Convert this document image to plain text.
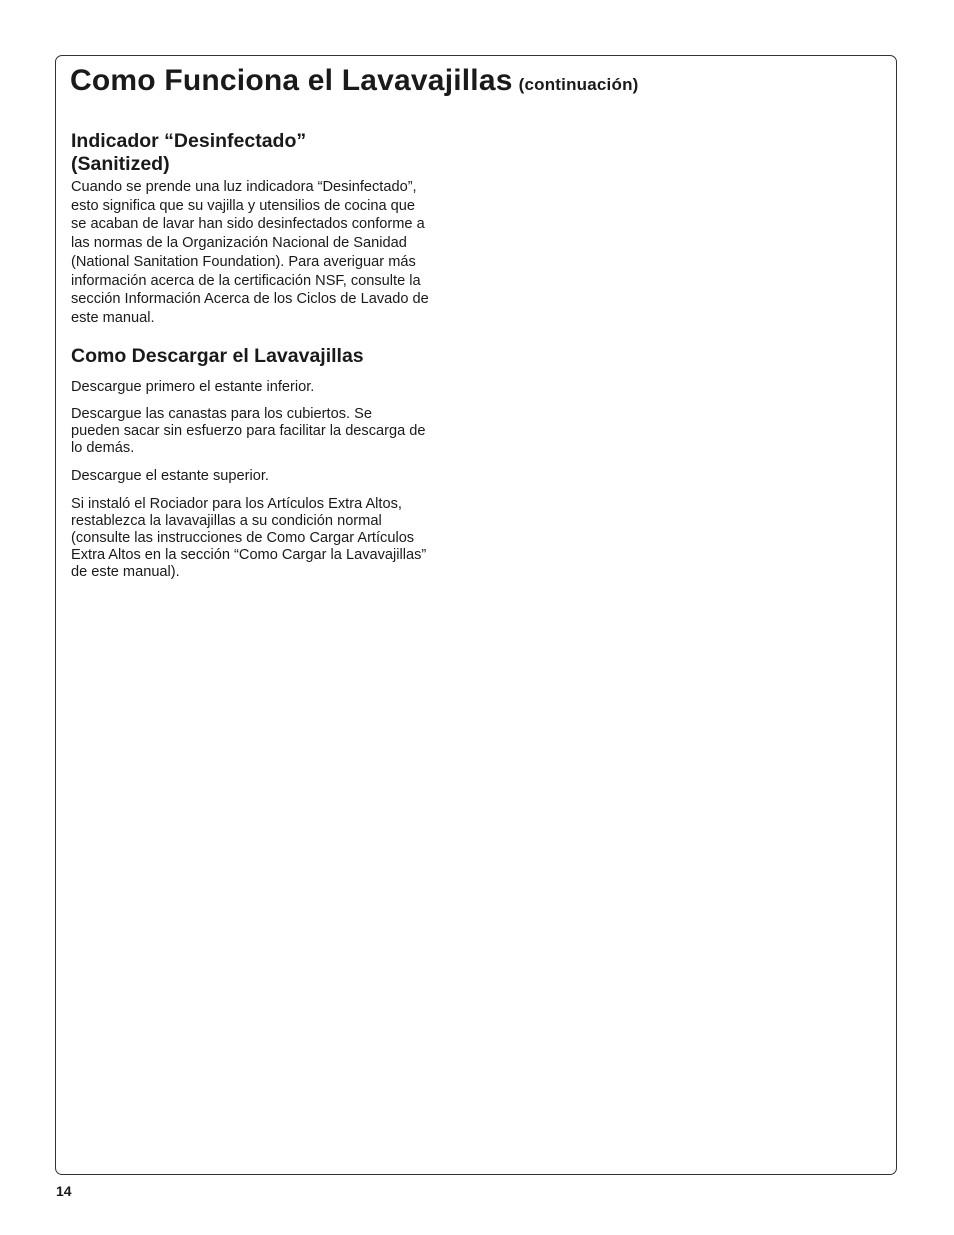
Como Funciona el Lavavajillas (continuación)
Indicador “Desinfectado”
(Sanitized)

Cuando se prende una luz indicadora “Desinfectado”,
esto significa que su vajilla y utensilios de cocina que
se acaban de lavar han sido desinfectados conforme a
las normas de la Organización Nacional de Sanidad
(National Sanitation Foundation). Para averiguar más
información acerca de la certificación NSF, consulte la
sección Información Acerca de los Ciclos de Lavado de
este manual.

Como Descargar el Lavavajillas

Descargue primero el estante inferior.

Descargue las canastas para los cubiertos. Se
pueden sacar sin esfuerzo para facilitar la descarga de
lo demás.

Descargue el estante superior.

Si instaló el Rociador para los Artículos Extra Altos,
restablezca la lavavajillas a su condición normal
(consulte las instrucciones de Como Cargar Artículos
Extra Altos en la sección “Como Cargar la Lavavajillas”
de este manual).

14
